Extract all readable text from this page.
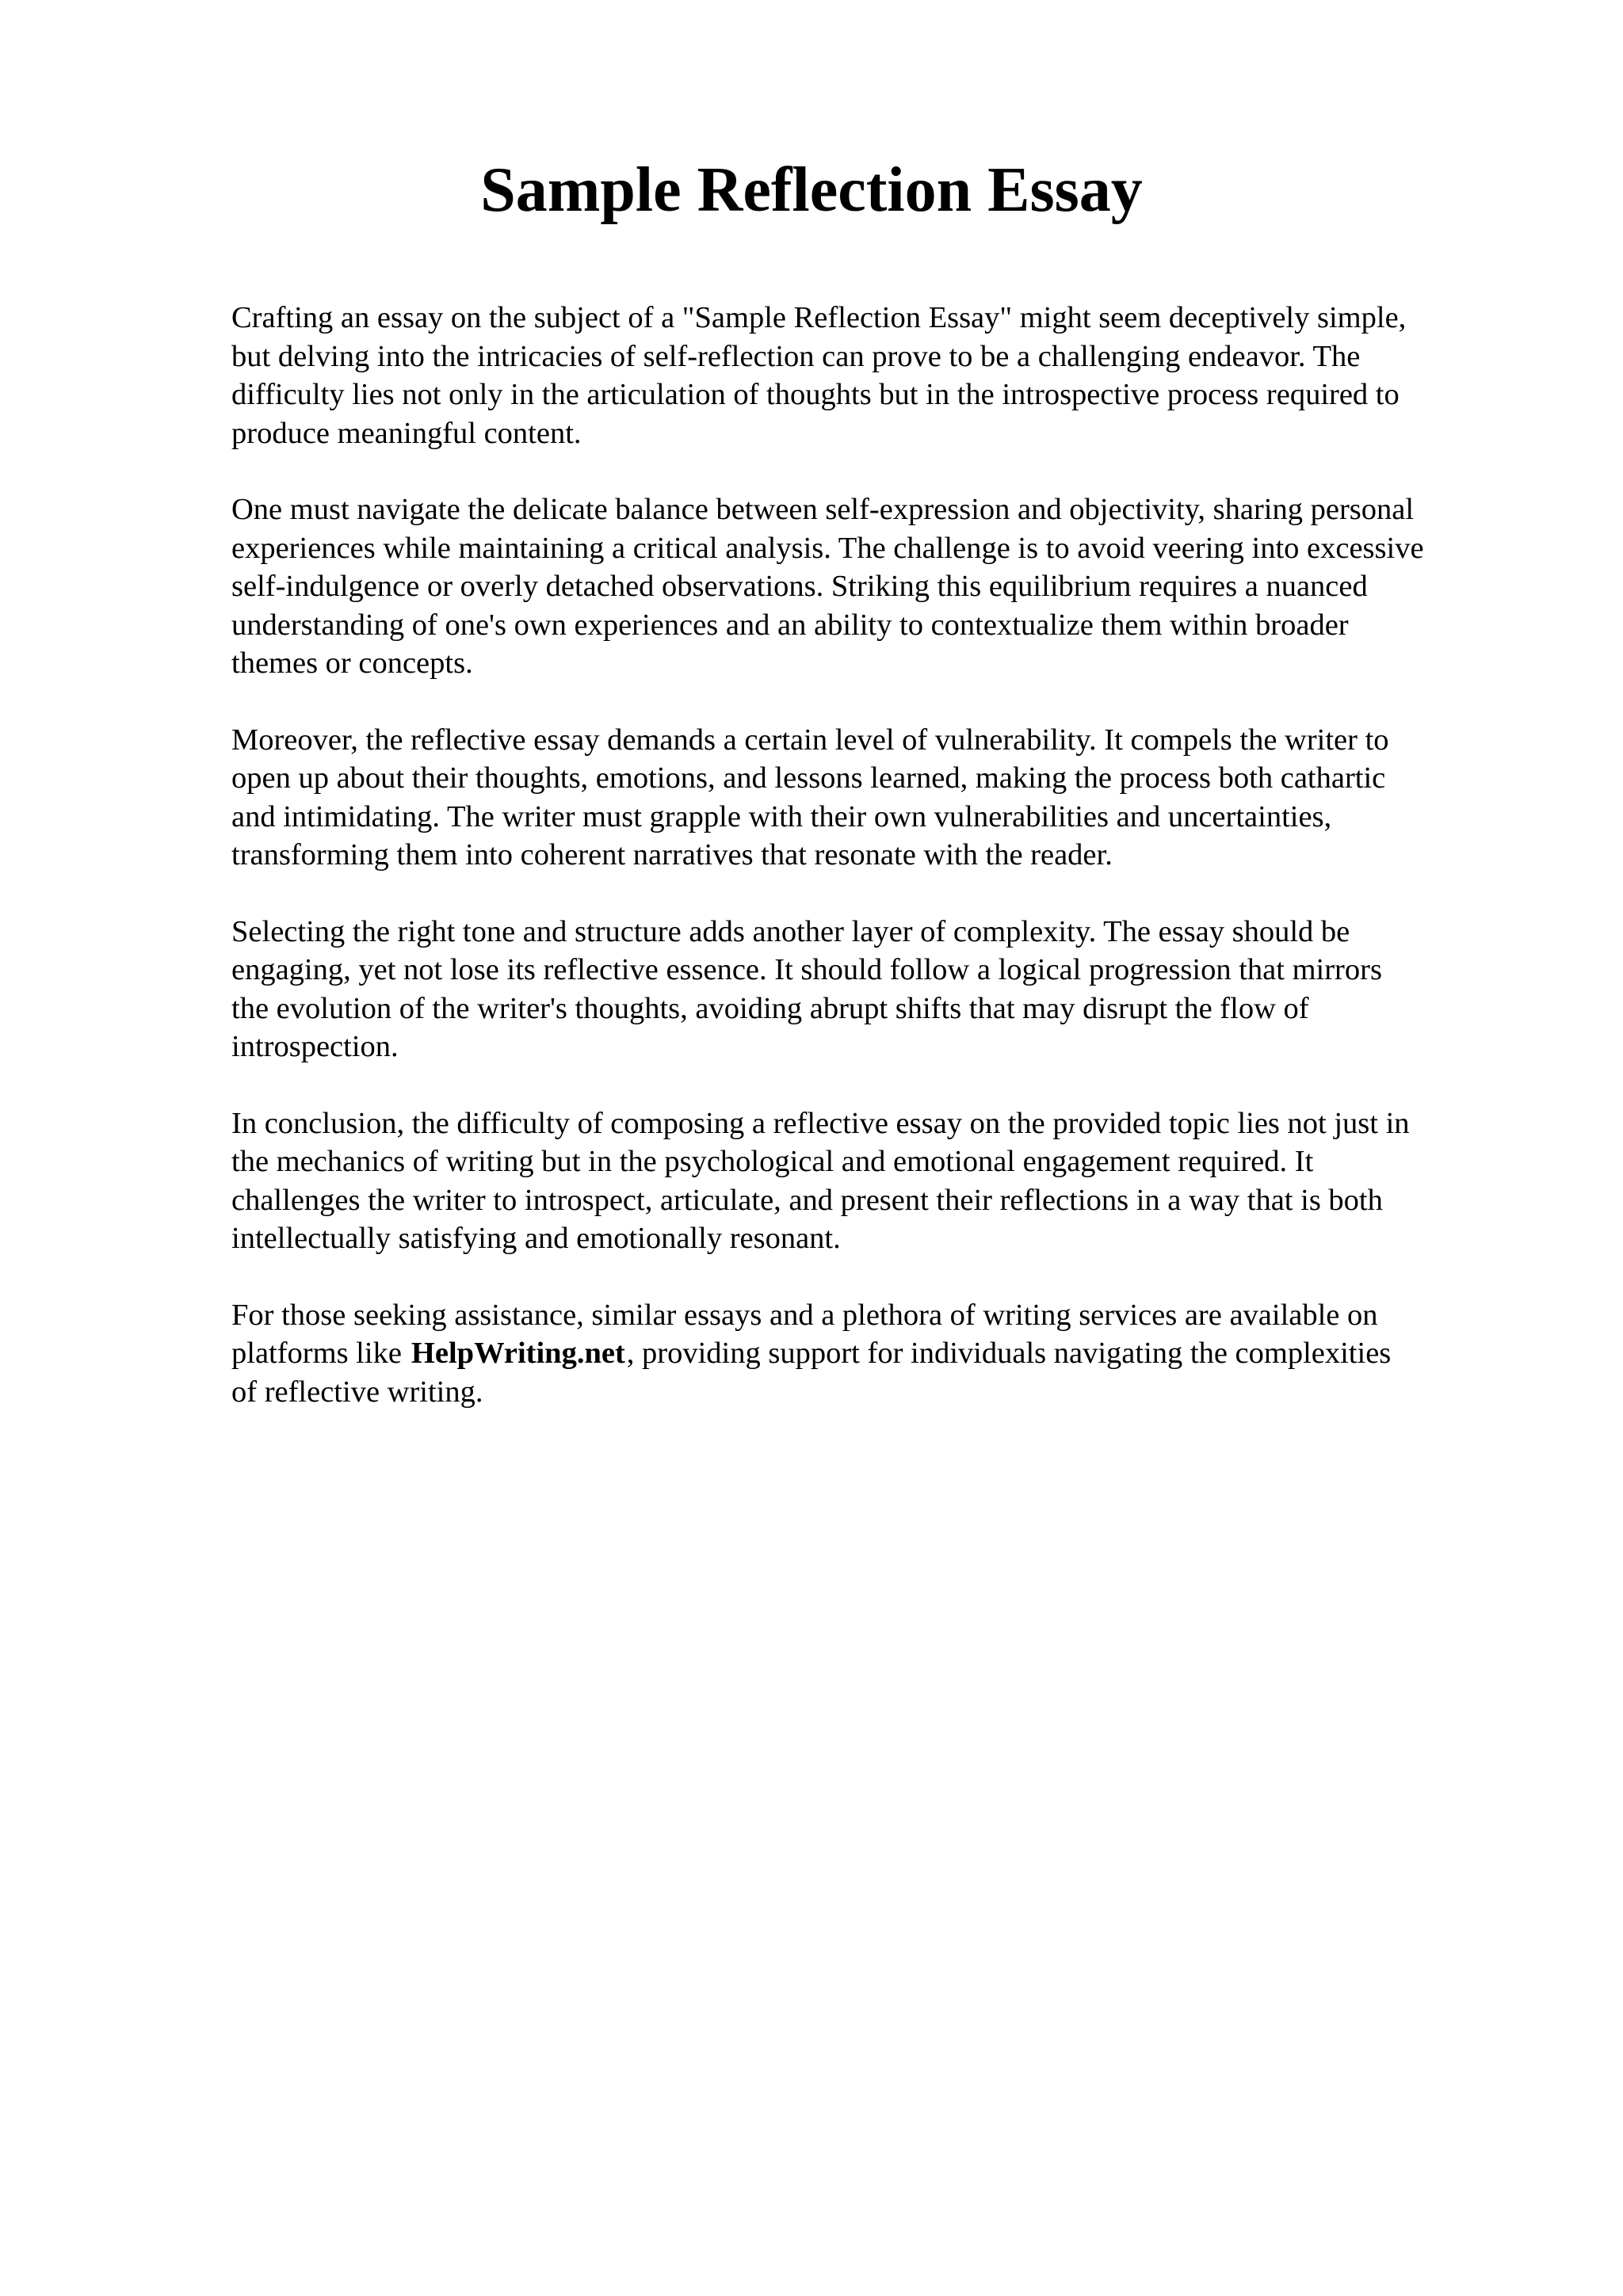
Sample Reflection Essay

Crafting an essay on the subject of a "Sample Reflection Essay" might seem deceptively simple,
but delving into the intricacies of self-reflection can prove to be a challenging endeavor. The
difficulty lies not only in the articulation of thoughts but in the introspective process required to
produce meaningful content.

One must navigate the delicate balance between self-expression and objectivity, sharing personal
experiences while maintaining a critical analysis. The challenge is to avoid veering into excessive
self-indulgence or overly detached observations. Striking this equilibrium requires a nuanced
understanding of one's own experiences and an ability to contextualize them within broader
themes or concepts.

Moreover, the reflective essay demands a certain level of vulnerability. It compels the writer to
open up about their thoughts, emotions, and lessons learned, making the process both cathartic
and intimidating. The writer must grapple with their own vulnerabilities and uncertainties,
transforming them into coherent narratives that resonate with the reader.

Selecting the right tone and structure adds another layer of complexity. The essay should be
engaging, yet not lose its reflective essence. It should follow a logical progression that mirrors
the evolution of the writer's thoughts, avoiding abrupt shifts that may disrupt the flow of
introspection.

In conclusion, the difficulty of composing a reflective essay on the provided topic lies not just in
the mechanics of writing but in the psychological and emotional engagement required. It
challenges the writer to introspect, articulate, and present their reflections in a way that is both
intellectually satisfying and emotionally resonant.

For those seeking assistance, similar essays and a plethora of writing services are available on
platforms like HelpWriting.net, providing support for individuals navigating the complexities
of reflective writing.
